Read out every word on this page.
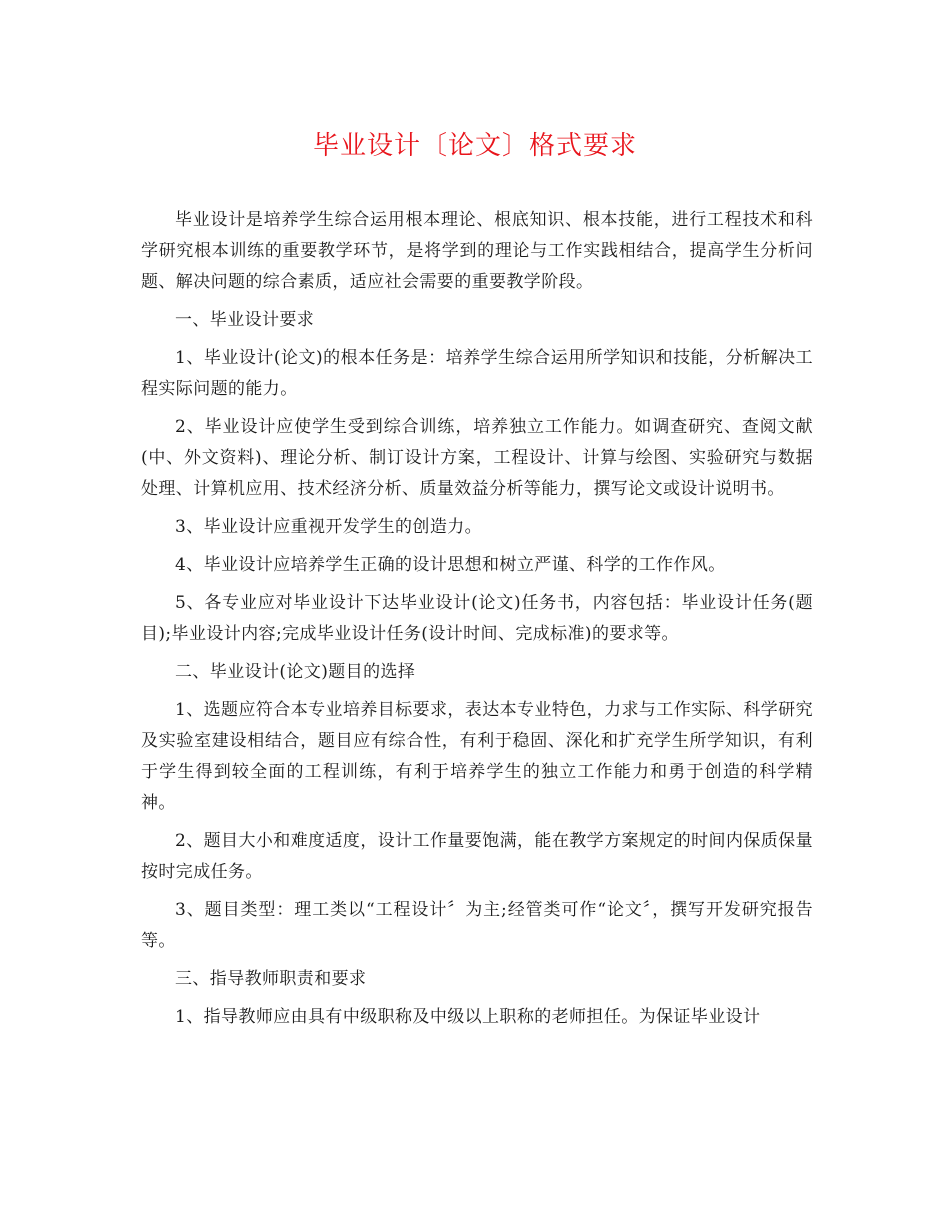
毕业设计〔论文〕格式要求

毕业设计是培养学生综合运用根本理论、根底知识、根本技能，进行工程技术和科学研究根本训练的重要教学环节，是将学到的理论与工作实践相结合，提高学生分析问题、解决问题的综合素质，适应社会需要的重要教学阶段。

一、毕业设计要求

1、毕业设计(论文)的根本任务是：培养学生综合运用所学知识和技能，分析解决工程实际问题的能力。

2、毕业设计应使学生受到综合训练，培养独立工作能力。如调查研究、查阅文献(中、外文资料)、理论分析、制订设计方案，工程设计、计算与绘图、实验研究与数据处理、计算机应用、技术经济分析、质量效益分析等能力，撰写论文或设计说明书。

3、毕业设计应重视开发学生的创造力。

4、毕业设计应培养学生正确的设计思想和树立严谨、科学的工作作风。

5、各专业应对毕业设计下达毕业设计(论文)任务书，内容包括：毕业设计任务(题目);毕业设计内容;完成毕业设计任务(设计时间、完成标准)的要求等。

二、毕业设计(论文)题目的选择

1、选题应符合本专业培养目标要求，表达本专业特色，力求与工作实际、科学研究及实验室建设相结合，题目应有综合性，有利于稳固、深化和扩充学生所学知识，有利于学生得到较全面的工程训练，有利于培养学生的独立工作能力和勇于创造的科学精神。

2、题目大小和难度适度，设计工作量要饱满，能在教学方案规定的时间内保质保量按时完成任务。

3、题目类型：理工类以“工程设计〞为主;经管类可作“论文〞，撰写开发研究报告等。

三、指导教师职责和要求

1、指导教师应由具有中级职称及中级以上职称的老师担任。为保证毕业设计
